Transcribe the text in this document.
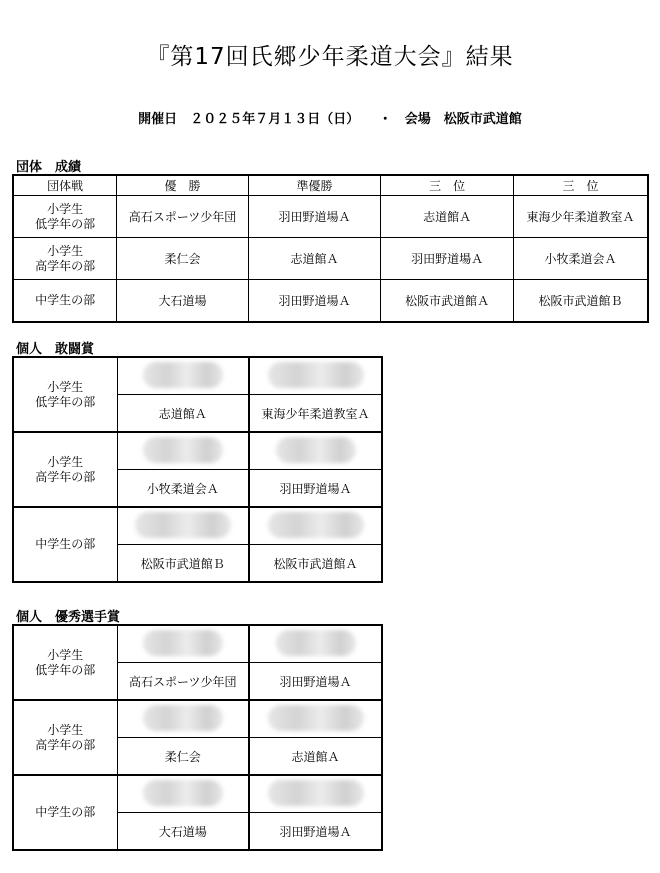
『第17回氏郷少年柔道大会』結果
開催日　 ２０２５年７月１３日（日）　　 ・　 会場　 松阪市武道館
団体　成績
団体戦	優　勝	準優勝	三　位	三　位
小学生
低学年の部	高石スポーツ少年団	羽田野道場Ａ	志道館Ａ	東海少年柔道教室Ａ
小学生
高学年の部	柔仁会	志道館Ａ	羽田野道場Ａ	小牧柔道会Ａ
中学生の部	大石道場	羽田野道場Ａ	松阪市武道館Ａ	松阪市武道館Ｂ
個人　敢闘賞
小学生
低学年の部		
	志道館Ａ	東海少年柔道教室Ａ
小学生
高学年の部		
	小牧柔道会Ａ	羽田野道場Ａ
中学生の部		
	松阪市武道館Ｂ	松阪市武道館Ａ
個人　優秀選手賞
小学生
低学年の部		
	高石スポーツ少年団	羽田野道場Ａ
小学生
高学年の部		
	柔仁会	志道館Ａ
中学生の部		
	大石道場	羽田野道場Ａ
